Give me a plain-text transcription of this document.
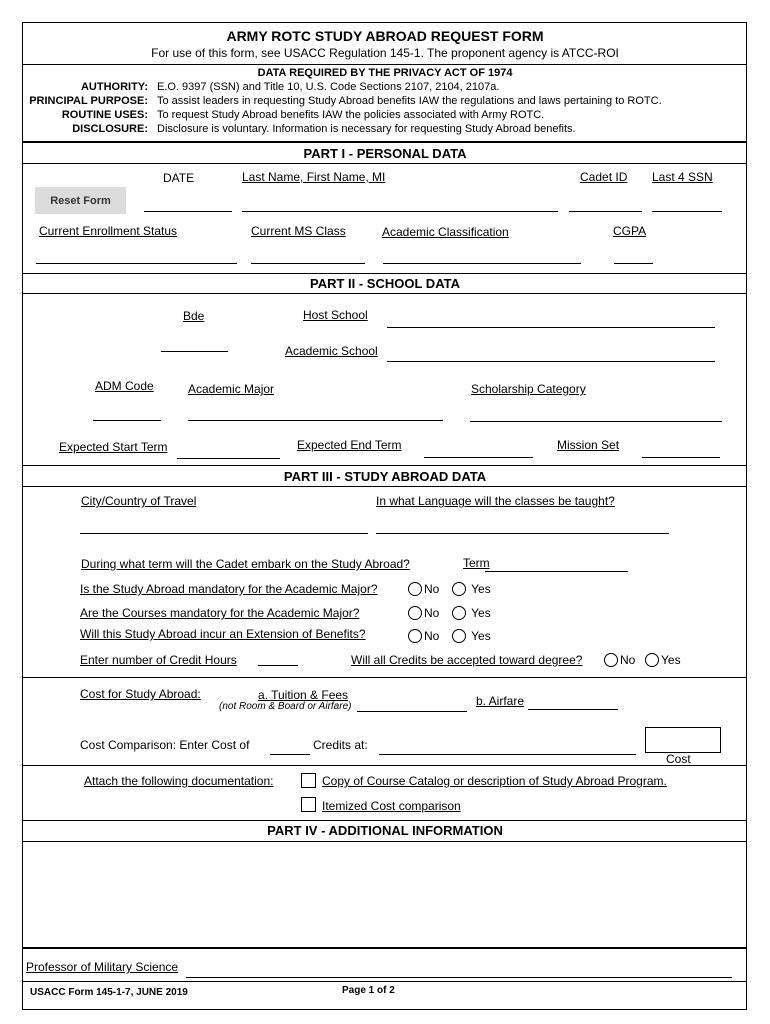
ARMY ROTC STUDY ABROAD REQUEST FORM
For use of this form, see USACC Regulation 145-1. The proponent agency is ATCC-ROI
DATA REQUIRED BY THE PRIVACY ACT OF 1974
AUTHORITY: E.O. 9397 (SSN) and Title 10, U.S. Code Sections 2107, 2104, 2107a.
PRINCIPAL PURPOSE: To assist leaders in requesting Study Abroad benefits IAW the regulations and laws pertaining to ROTC.
ROUTINE USES: To request Study Abroad benefits IAW the policies associated with Army ROTC.
DISCLOSURE: Disclosure is voluntary. Information is necessary for requesting Study Abroad benefits.
PART I - PERSONAL DATA
DATE	Last Name, First Name, MI	Cadet ID Last 4 SSN
Reset Form
Current Enrollment Status	Current MS Class	Academic Classification	CGPA
PART II - SCHOOL DATA
Bde	Host School
Academic School
ADM Code	Academic Major	Scholarship Category
Expected Start Term	Expected End Term	Mission Set
PART III - STUDY ABROAD DATA
City/Country of Travel	In what Language will the classes be taught?
During what term will the Cadet embark on the Study Abroad?	Term
Is the Study Abroad mandatory for the Academic Major?	No	Yes
Are the Courses mandatory for the Academic Major?	No	Yes
Will this Study Abroad incur an Extension of Benefits?	No	Yes
Enter number of Credit Hours	Will all Credits be accepted toward degree?	No	Yes
Cost for Study Abroad:	a. Tuition & Fees
(not Room & Board or Airfare)	b. Airfare
Cost Comparison: Enter Cost of	Credits at:
Cost
Attach the following documentation:	Copy of Course Catalog or description of Study Abroad Program.
Itemized Cost comparison
PART IV - ADDITIONAL INFORMATION
Professor of Military Science
USACC Form 145-1-7, JUNE 2019	Page 1 of 2
